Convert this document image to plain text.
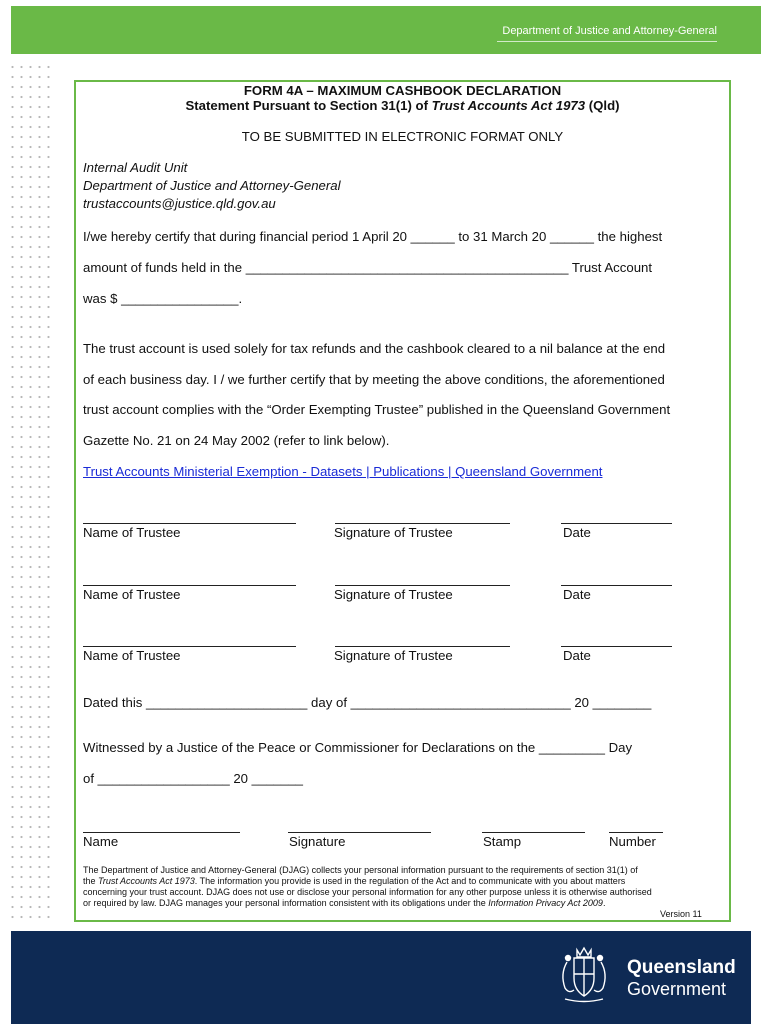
Department of Justice and Attorney-General
FORM 4A – MAXIMUM CASHBOOK DECLARATION
Statement Pursuant to Section 31(1) of Trust Accounts Act 1973 (Qld)
TO BE SUBMITTED IN ELECTRONIC FORMAT ONLY
Internal Audit Unit
Department of Justice and Attorney-General
trustaccounts@justice.qld.gov.au
I/we hereby certify that during financial period 1 April 20 ______ to 31 March 20 ______ the highest
amount of funds held in the ____________________________________________ Trust Account
was $ ________________.
The trust account is used solely for tax refunds and the cashbook cleared to a nil balance at the end
of each business day. I / we further certify that by meeting the above conditions, the aforementioned
trust account complies with the “Order Exempting Trustee” published in the Queensland Government
Gazette No. 21 on 24 May 2002 (refer to link below).
Trust Accounts Ministerial Exemption - Datasets | Publications | Queensland Government
Name of Trustee	Signature of Trustee	Date
Name of Trustee	Signature of Trustee	Date
Name of Trustee	Signature of Trustee	Date
Dated this ______________________ day of ______________________________ 20 ________
Witnessed by a Justice of the Peace or Commissioner for Declarations on the _________ Day
of __________________ 20 _______
Name	Signature	Stamp	Number
The Department of Justice and Attorney-General (DJAG) collects your personal information pursuant to the requirements of section 31(1) of
the Trust Accounts Act 1973. The information you provide is used in the regulation of the Act and to communicate with you about matters
concerning your trust account. DJAG does not use or disclose your personal information for any other purpose unless it is otherwise authorised
or required by law. DJAG manages your personal information consistent with its obligations under the Information Privacy Act 2009.
Version 11
Queensland
Government
